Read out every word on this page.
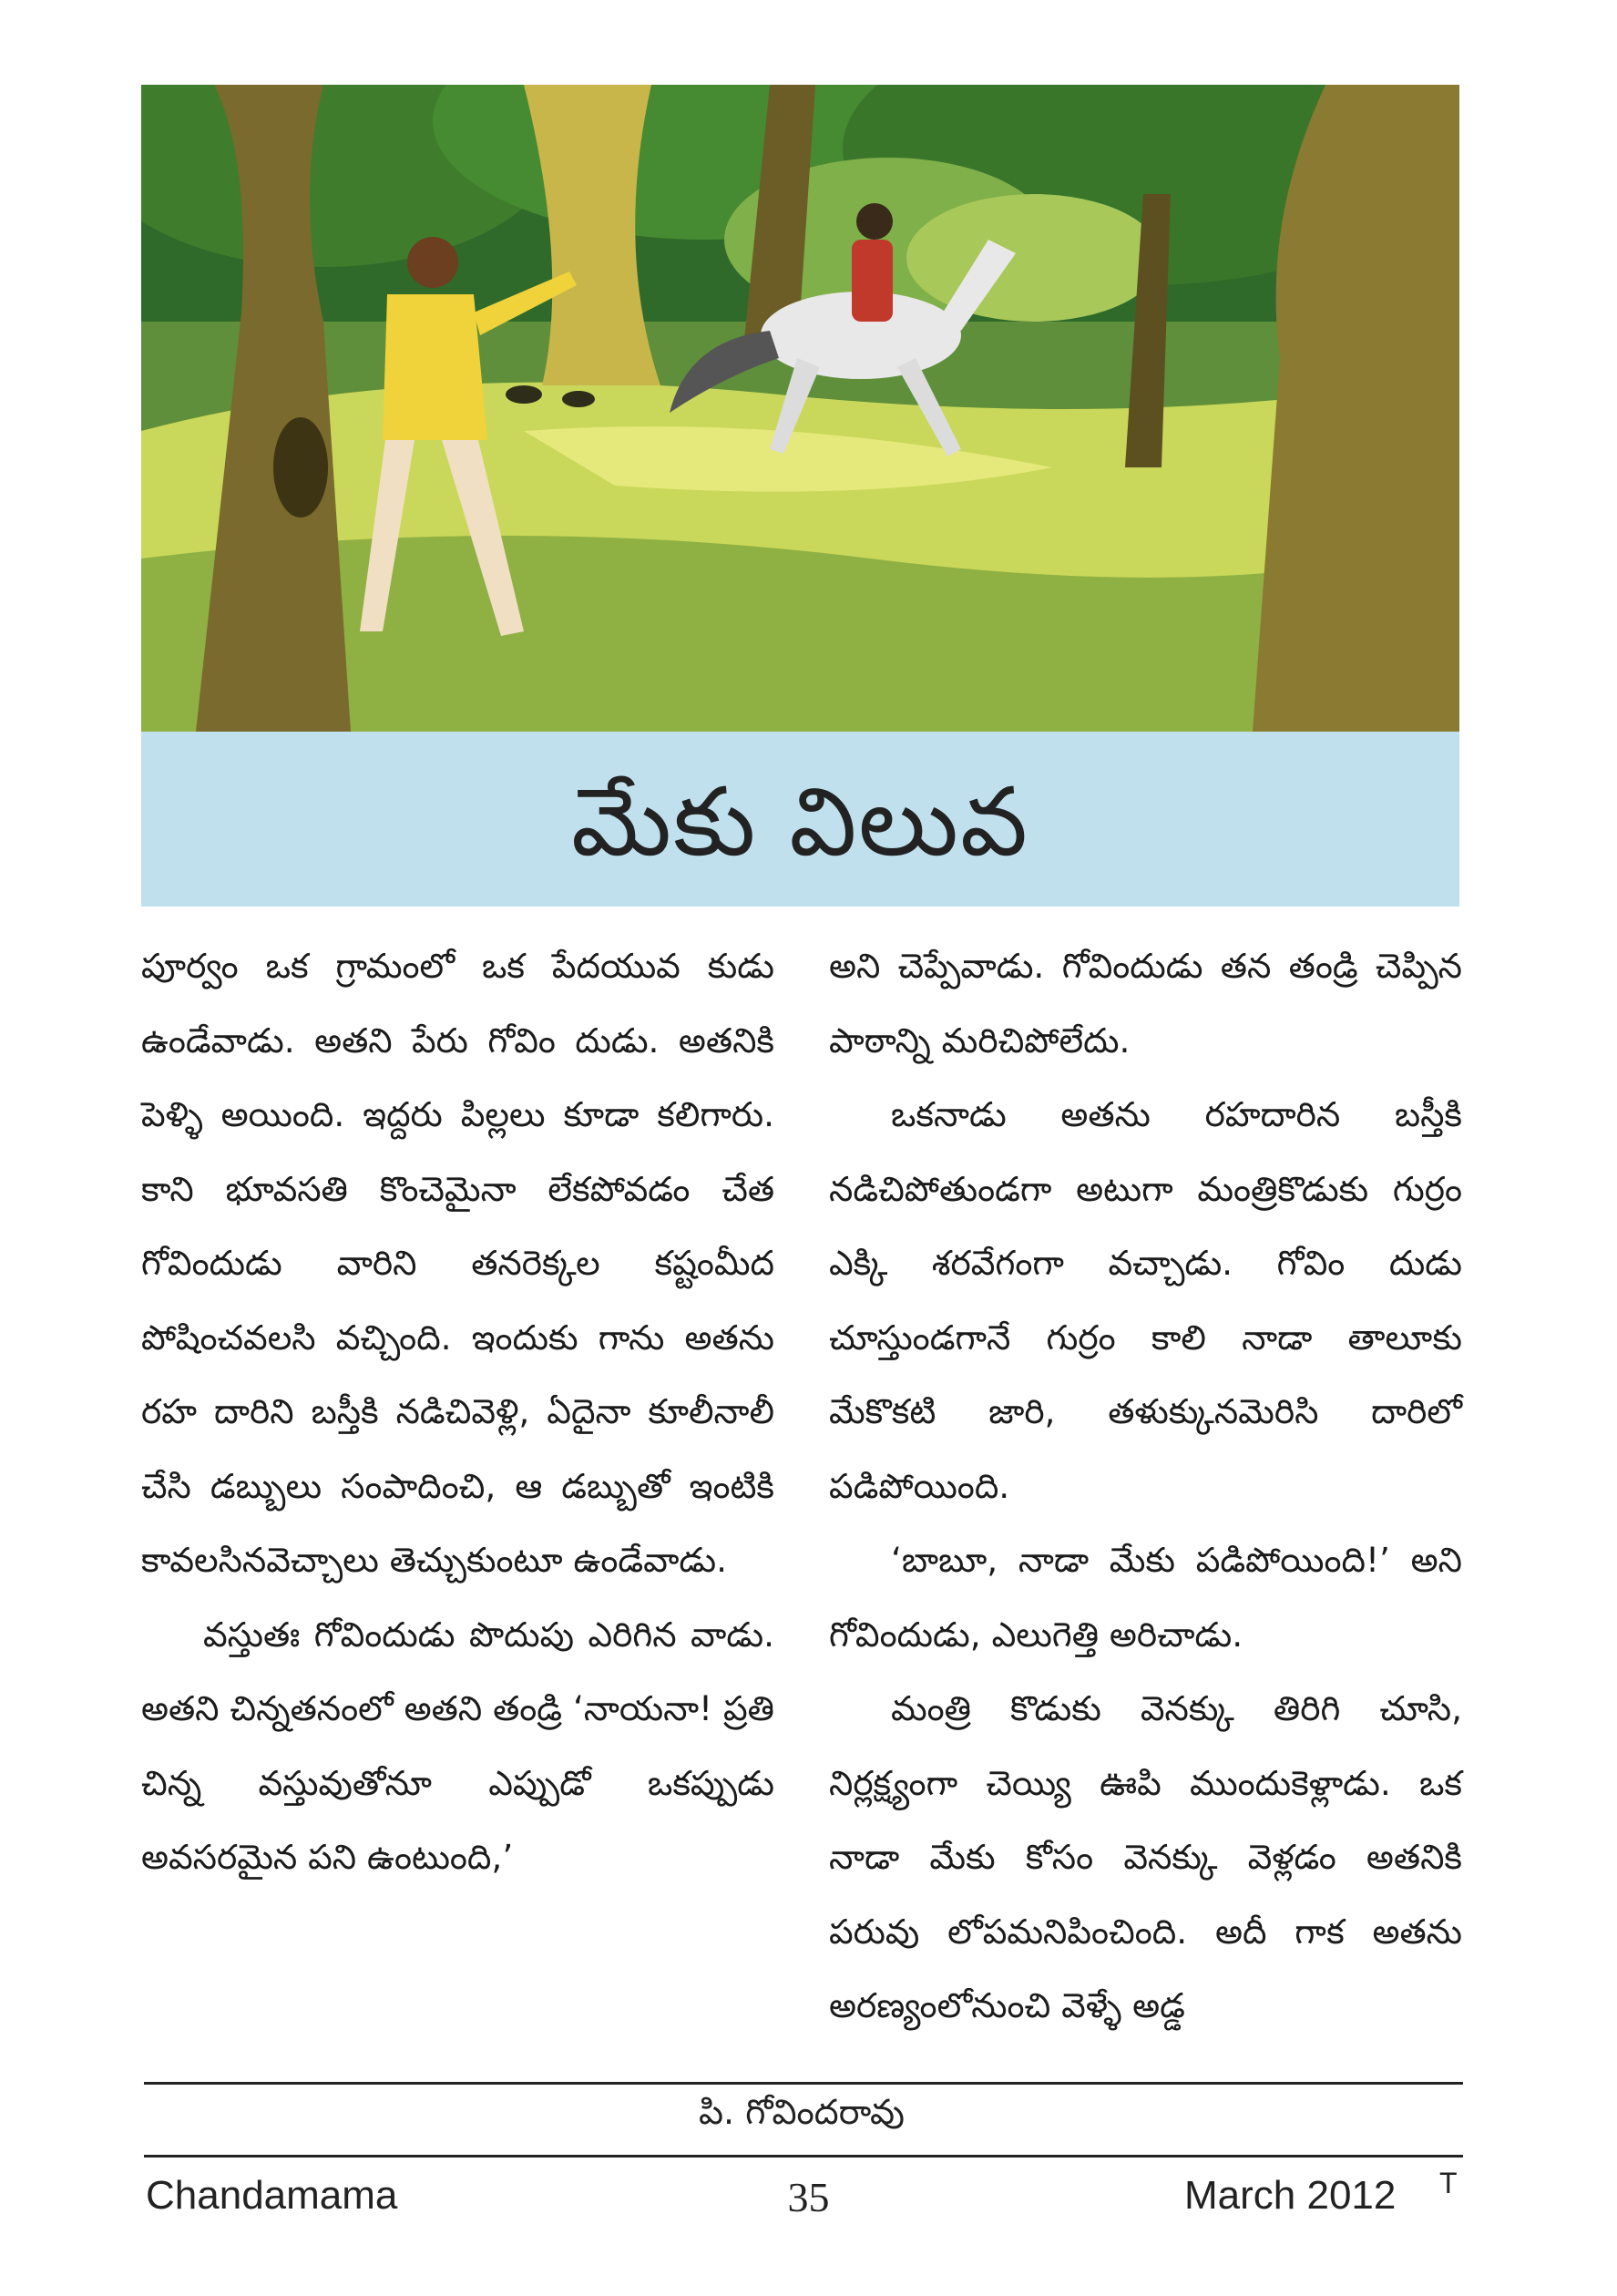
మేకు విలువ

పూర్వం ఒక గ్రామంలో ఒక పేదయువ కుడు ఉండేవాడు. అతని పేరు గోవిం దుడు. అతనికి పెళ్ళి అయింది. ఇద్దరు పిల్లలు కూడా కలిగారు. కాని భూవసతి కొంచెమైనా లేకపోవడం చేత గోవిందుడు వారిని తనరెక్కల కష్టంమీద పోషించవలసి వచ్చింది. ఇందుకు గాను అతను రహ దారిని బస్తీకి నడిచివెళ్లి, ఏదైనా కూలీనాలీ చేసి డబ్బులు సంపాదించి, ఆ డబ్బుతో ఇంటికి కావలసినవెచ్చాలు తెచ్చుకుంటూ ఉండేవాడు.

వస్తుతః గోవిందుడు పొదుపు ఎరిగిన వాడు. అతని చిన్నతనంలో అతని తండ్రి ‘నాయనా! ప్రతి చిన్న వస్తువుతోనూ ఎప్పుడో ఒకప్పుడు అవసరమైన పని ఉంటుంది,’

అని చెప్పేవాడు. గోవిందుడు తన తండ్రి చెప్పిన పాఠాన్ని మరిచిపోలేదు.

ఒకనాడు అతను రహదారిన బస్తీకి నడిచిపోతుండగా అటుగా మంత్రికొడుకు గుర్రం ఎక్కి శరవేగంగా వచ్చాడు. గోవిం దుడు చూస్తుండగానే గుర్రం కాలి నాడా తాలూకు మేకొకటి జారి, తళుక్కునమెరిసి దారిలో పడిపోయింది.

‘బాబూ, నాడా మేకు పడిపోయింది!’ అని గోవిందుడు, ఎలుగెత్తి అరిచాడు.

మంత్రి కొడుకు వెనక్కు తిరిగి చూసి, నిర్లక్ష్యంగా చెయ్యి ఊపి ముందుకెళ్లాడు. ఒక నాడా మేకు కోసం వెనక్కు వెళ్లడం అతనికి పరువు లోపమనిపించింది. అదీ గాక అతను అరణ్యంలోనుంచి వెళ్ళే అడ్డ

పి. గోవిందరావు
Chandamama	35	March 2012 T
